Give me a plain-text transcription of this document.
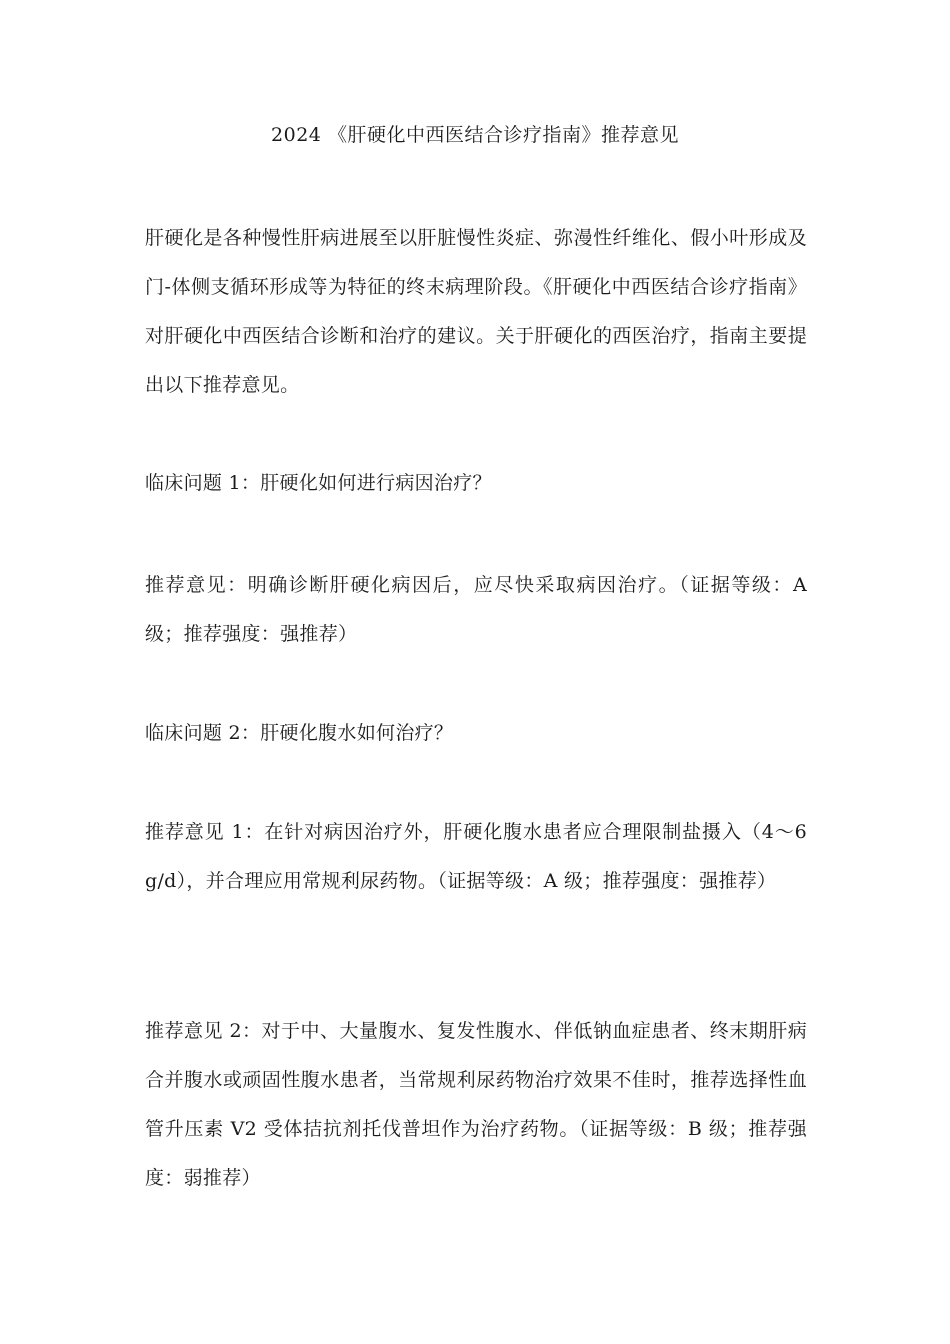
2024 《肝硬化中西医结合诊疗指南》推荐意见
肝硬化是各种慢性肝病进展至以肝脏慢性炎症、弥漫性纤维化、假小叶形成及门-体侧支循环形成等为特征的终末病理阶段。《肝硬化中西医结合诊疗指南》对肝硬化中西医结合诊断和治疗的建议。关于肝硬化的西医治疗，指南主要提出以下推荐意见。
临床问题 1：肝硬化如何进行病因治疗？
推荐意见：明确诊断肝硬化病因后，应尽快采取病因治疗。（证据等级：A 级；推荐强度：强推荐）
临床问题 2：肝硬化腹水如何治疗？
推荐意见 1：在针对病因治疗外，肝硬化腹水患者应合理限制盐摄入（4～6 g/d），并合理应用常规利尿药物。（证据等级：A 级；推荐强度：强推荐）
推荐意见 2：对于中、大量腹水、复发性腹水、伴低钠血症患者、终末期肝病合并腹水或顽固性腹水患者，当常规利尿药物治疗效果不佳时，推荐选择性血管升压素 V2 受体拮抗剂托伐普坦作为治疗药物。（证据等级：B 级；推荐强度：弱推荐）
